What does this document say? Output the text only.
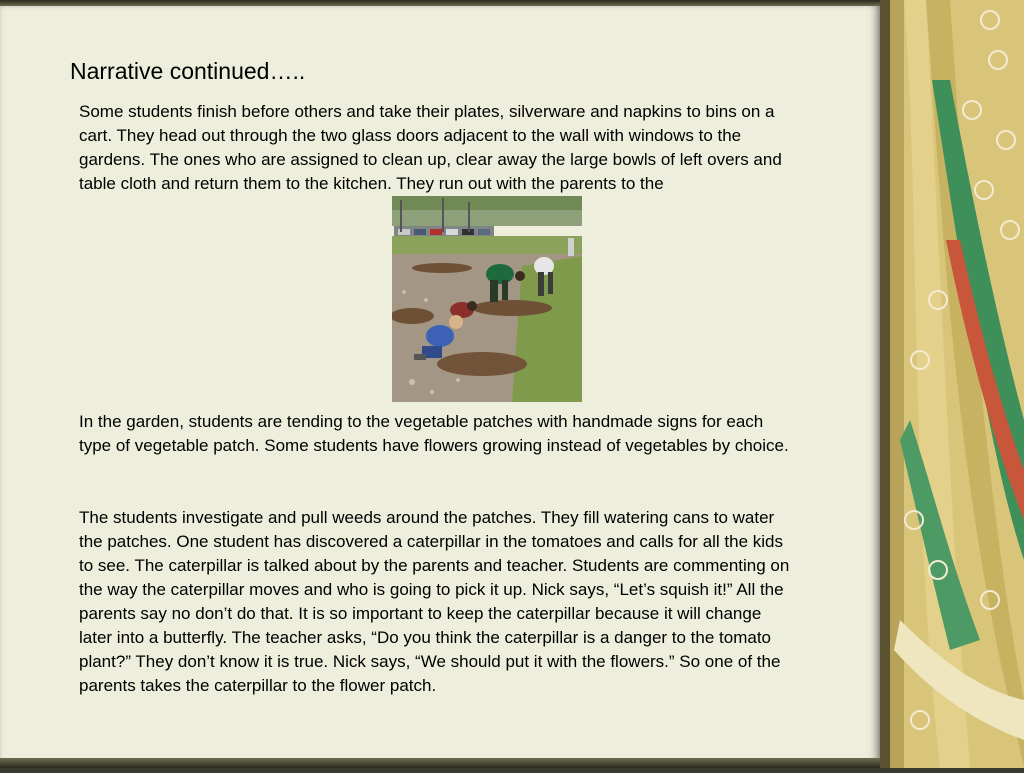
Narrative continued…..

Some students finish before others and take their plates, silverware and napkins to bins on a cart. They head out through the two glass doors adjacent to the wall with windows to the gardens. The ones who are assigned to clean up, clear away the large bowls of left overs and table cloth and return them to the kitchen. They run out with the parents to the

In the garden, students are tending to the vegetable patches with handmade signs for each type of vegetable patch. Some students have flowers growing instead of vegetables by choice.

The students investigate and pull weeds around the patches. They fill watering cans to water the patches. One student has discovered a caterpillar in the tomatoes and calls for all the kids to see. The caterpillar is talked about by the parents and teacher. Students are commenting on the way the caterpillar moves and who is going to pick it up. Nick says, “Let’s squish it!” All the parents say no don’t do that. It is so important to keep the caterpillar because it will change later into a butterfly. The teacher asks, “Do you think the caterpillar is a danger to the tomato plant?” They don’t know it is true. Nick says, “We should put it with the flowers.” So one of the parents takes the caterpillar to the flower patch.
